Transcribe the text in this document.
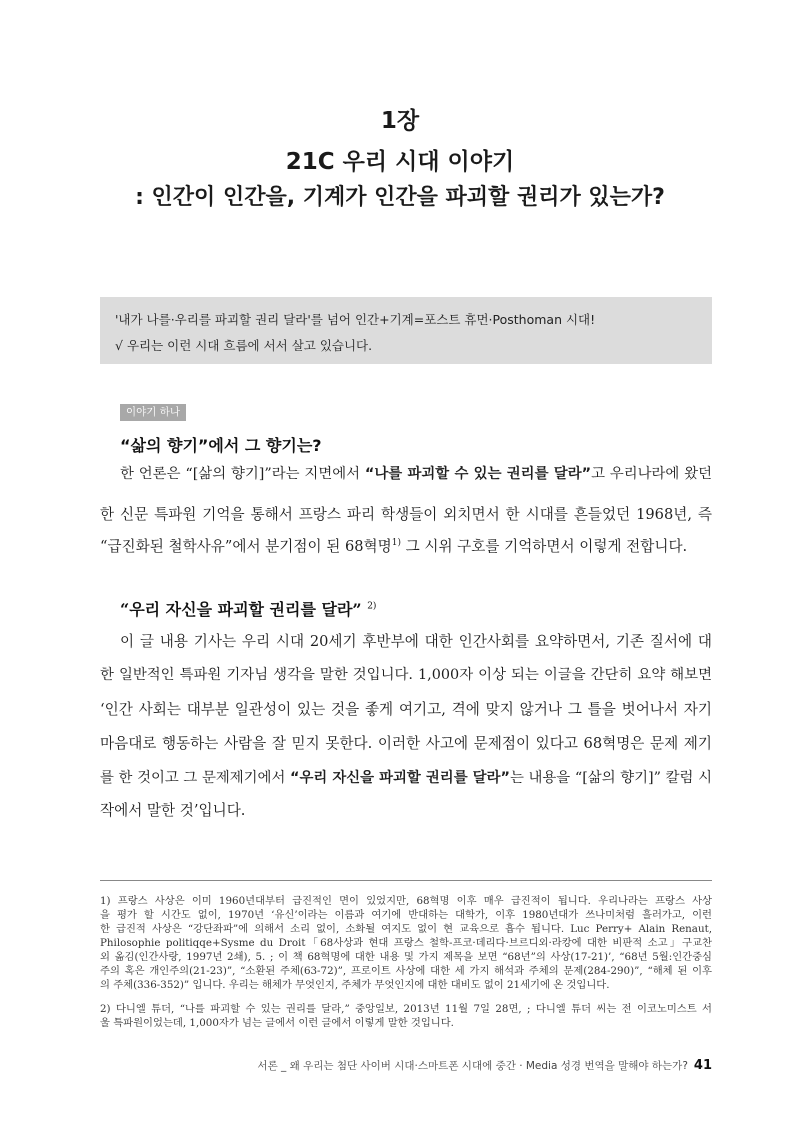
1장
21C 우리 시대 이야기
: 인간이 인간을, 기계가 인간을 파괴할 권리가 있는가?
'내가 나를·우리를 파괴할 권리 달라'를 넘어 인간+기계=포스트 휴먼·Posthoman 시대!
√ 우리는 이런 시대 흐름에 서서 살고 있습니다.
이야기 하나
“삶의 향기”에서 그 향기는?
한 언론은 “[삶의 향기]”라는 지면에서 “나를 파괴할 수 있는 권리를 달라”고 우리나라에 왔던
한 신문 특파원 기억을 통해서 프랑스 파리 학생들이 외치면서 한 시대를 흔들었던 1968년, 즉
“급진화된 철학사유”에서 분기점이 된 68혁명$^{1)}$ 그 시위 구호를 기억하면서 이렇게 전합니다.
“우리 자신을 파괴할 권리를 달라” $^{2)}$
이 글 내용 기사는 우리 시대 20세기 후반부에 대한 인간사회를 요약하면서, 기존 질서에 대
한 일반적인 특파원 기자님 생각을 말한 것입니다. 1,000자 이상 되는 이글을 간단히 요약 해보면
‘인간 사회는 대부분 일관성이 있는 것을 좋게 여기고, 격에 맞지 않거나 그 틀을 벗어나서 자기
마음대로 행동하는 사람을 잘 믿지 못한다. 이러한 사고에 문제점이 있다고 68혁명은 문제 제기
를 한 것이고 그 문제제기에서 “우리 자신을 파괴할 권리를 달라”는 내용을 “[삶의 향기]” 칼럼 시
작에서 말한 것’입니다.
1) 프랑스 사상은 이미 1960년대부터 급진적인 면이 있었지만, 68혁명 이후 매우 급진적이 됩니다. 우리나라는 프랑스 사상
을 평가 할 시간도 없이, 1970년 ‘유신’이라는 이름과 여기에 반대하는 대학가, 이후 1980년대가 쓰나미처럼 흘러가고, 이런
한 급진적 사상은 “강단좌파”에 의해서 소리 없이, 소화될 여지도 없이 현 교육으로 흡수 됩니다. Luc Perry+ Alain Renaut,
Philosophie politiqqe+Sysme du Droit「68사상과 현대 프랑스 철학-프코·데리다·브르디외·라캉에 대한 비판적 소고」구교찬
외 옮김(인간사랑, 1997년 2쇄), 5. ; 이 책 68혁명에 대한 내용 및 가지 제목을 보면 “68년”의 사상(17-21)’, “68년 5월:인간중심
주의 혹은 개인주의(21-23)”, “소환된 주체(63-72)”, 프로이트 사상에 대한 세 가지 해석과 주체의 문제(284-290)”, “해체 된 이후
의 주체(336-352)” 입니다. 우리는 해체가 무엇인지, 주체가 무엇인지에 대한 대비도 없이 21세기에 온 것입니다.
2) 다니엘 튜더, “나를 파괴할 수 있는 권리를 달라,” 중앙일보, 2013년 11월 7일 28면, ; 다니엘 튜더 씨는 전 이코노미스트 서
울 특파원이었는데, 1,000자가 넘는 글에서 이런 글에서 이렇게 말한 것입니다.
서론 _ 왜 우리는 첨단 사이버 시대·스마트폰 시대에 중간 · Media 성경 번역을 말해야 하는가? 41
